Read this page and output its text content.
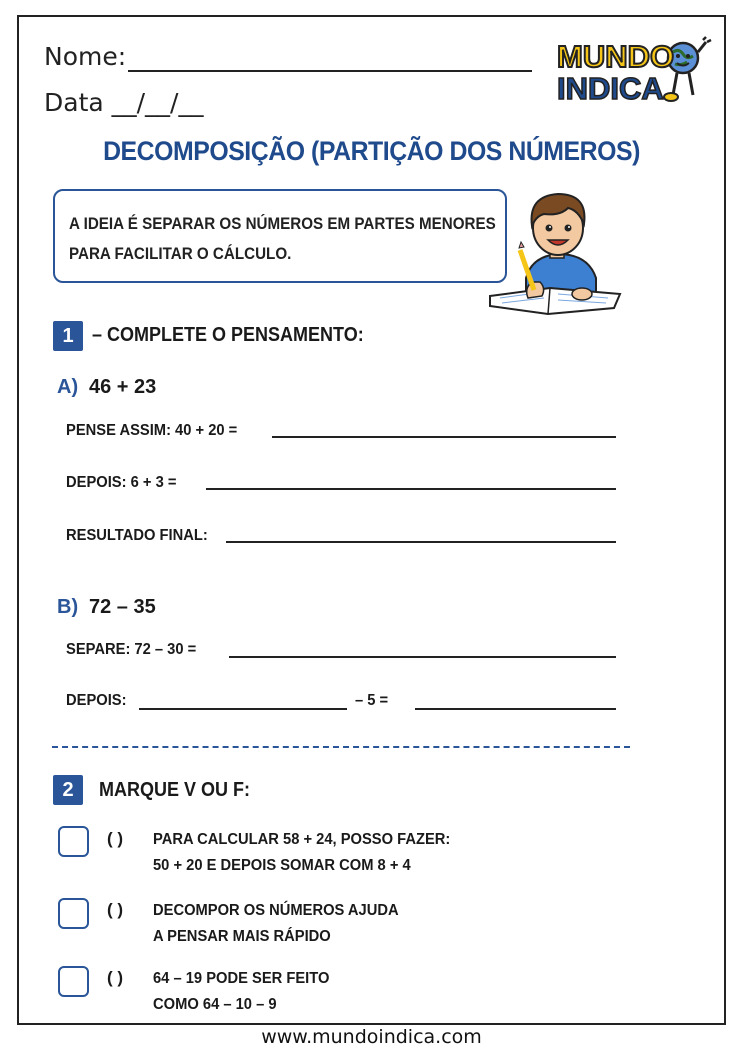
Nome:
Data __/__/__
MUNDO
INDICA
DECOMPOSIÇÃO (PARTIÇÃO DOS NÚMEROS)
A IDEIA É SEPARAR OS NÚMEROS EM PARTES MENORES
PARA FACILITAR O CÁLCULO.
1 – COMPLETE O PENSAMENTO:
A) 46 + 23
PENSE ASSIM: 40 + 20 =
DEPOIS: 6 + 3 =
RESULTADO FINAL:
B) 72 – 35
SEPARE: 72 – 30 =
DEPOIS:	– 5 =
2	MARQUE V OU F:
( ) PARA CALCULAR 58 + 24, POSSO FAZER:
50 + 20 E DEPOIS SOMAR COM 8 + 4
( ) DECOMPOR OS NÚMEROS AJUDA
A PENSAR MAIS RÁPIDO
( ) 64 – 19 PODE SER FEITO
COMO 64 – 10 – 9
www.mundoindica.com
